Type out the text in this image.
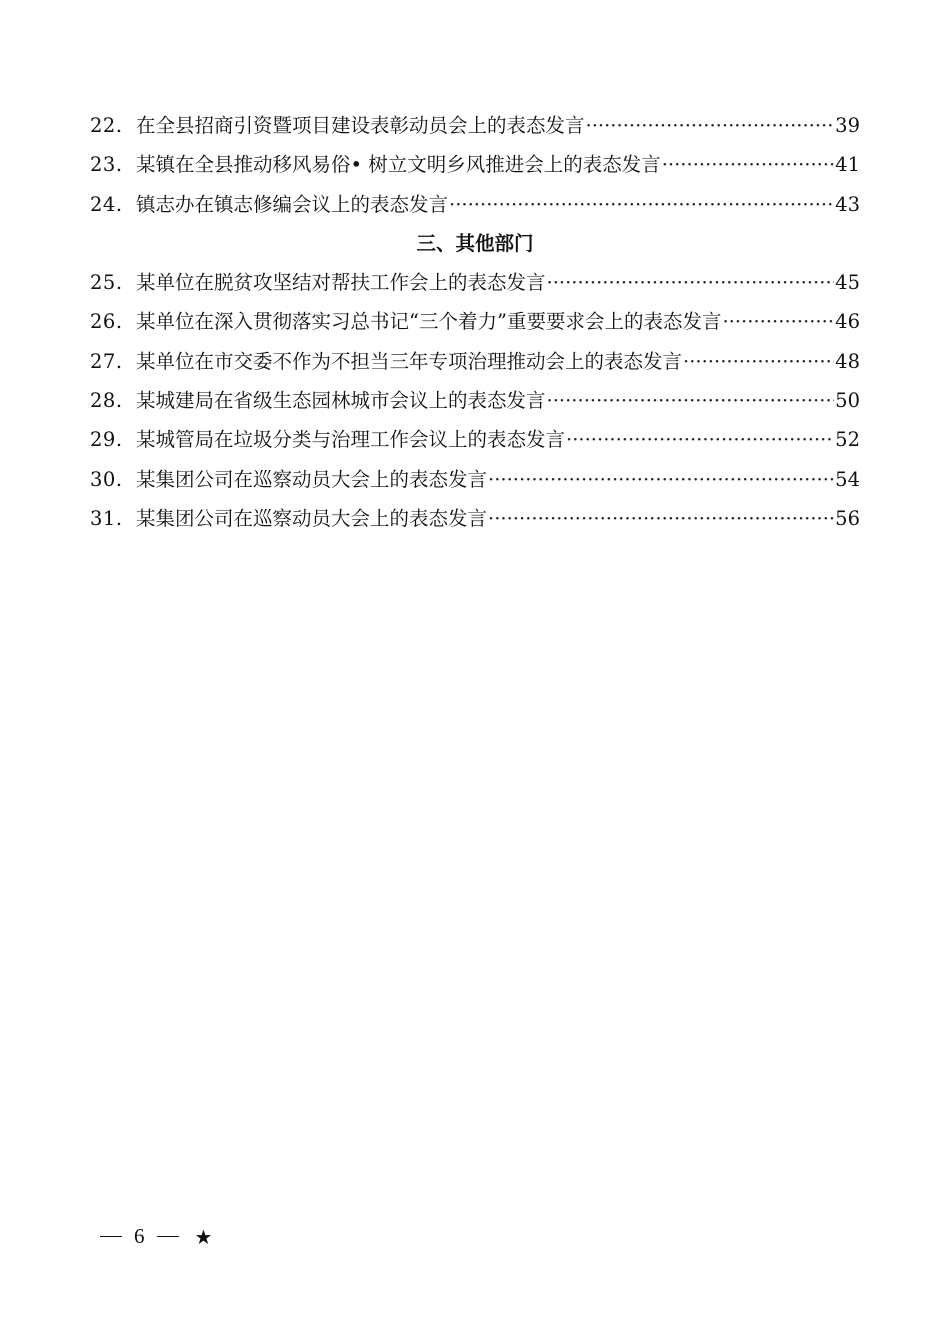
22. 在全县招商引资暨项目建设表彰动员会上的表态发言 ·····	39
23. 某镇在全县推动移风易俗• 树立文明乡风推进会上的表态发言 ·····	41
24. 镇志办在镇志修编会议上的表态发言 ·····	43
三、其他部门
25. 某单位在脱贫攻坚结对帮扶工作会上的表态发言 ·····	45
26. 某单位在深入贯彻落实习总书记“三个着力”重要要求会上的表态发言 ·····	46
27. 某单位在市交委不作为不担当三年专项治理推动会上的表态发言 ·····	48
28. 某城建局在省级生态园林城市会议上的表态发言 ·····	50
29. 某城管局在垃圾分类与治理工作会议上的表态发言 ·····	52
30. 某集团公司在巡察动员大会上的表态发言 ·····	54
31. 某集团公司在巡察动员大会上的表态发言 ·····	56
6	★
